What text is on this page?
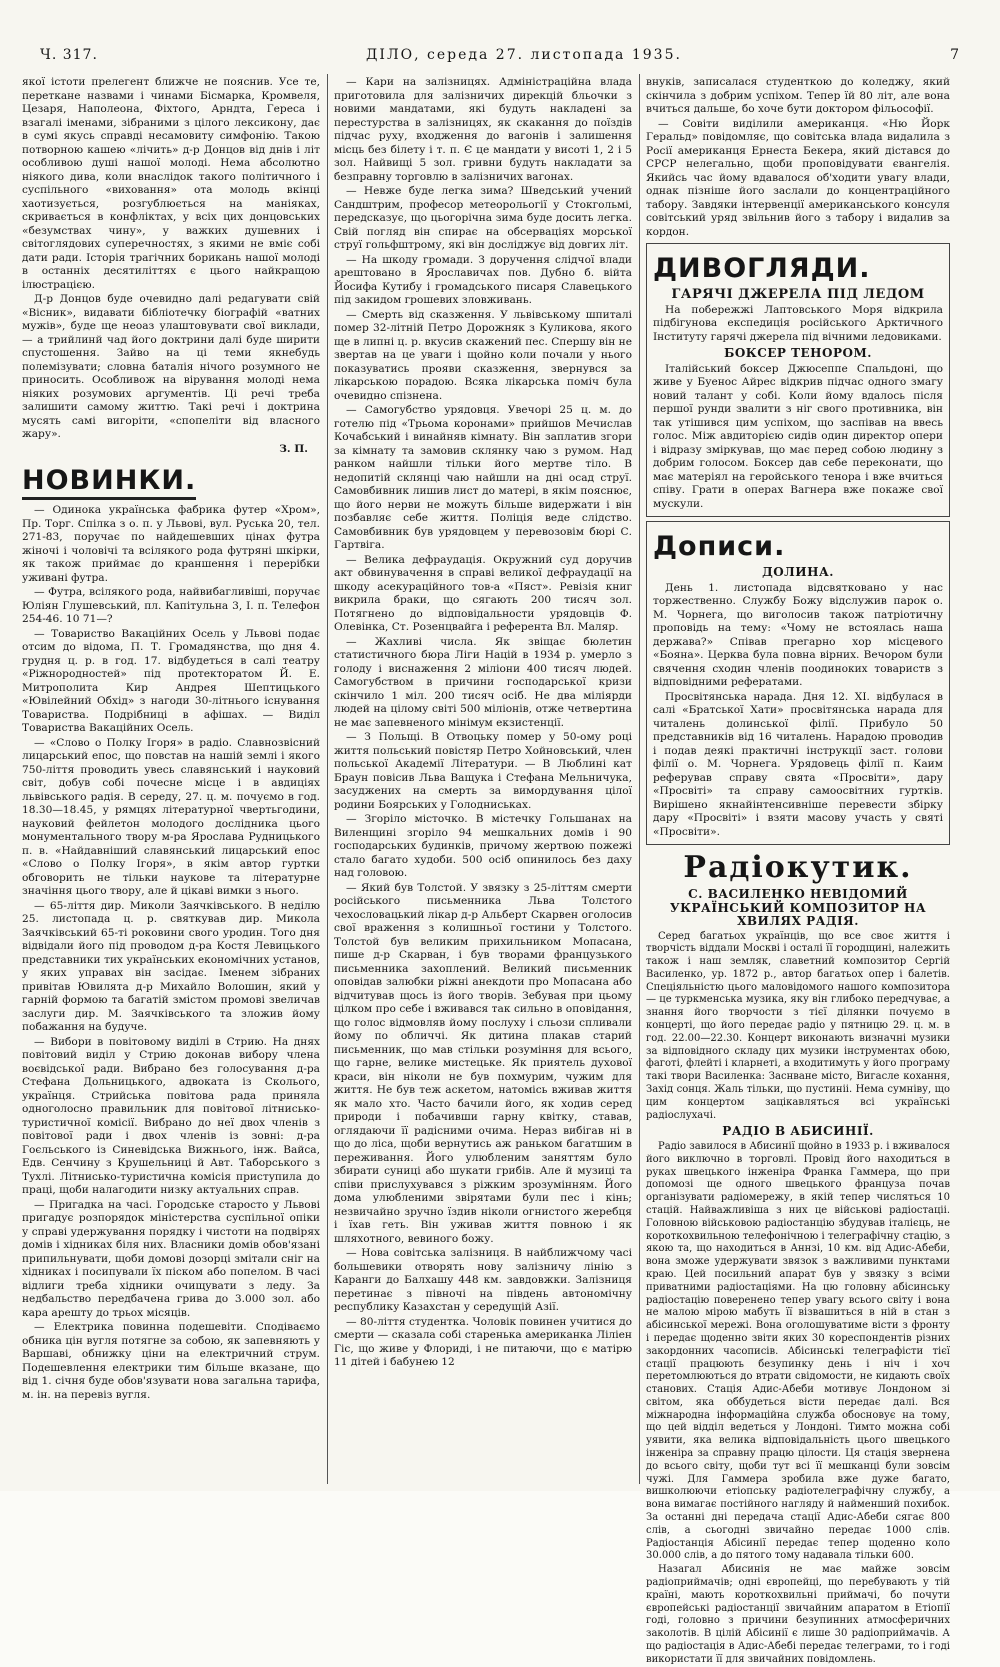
Ч. 317.	ДІЛО, середа 27. листопада 1935.	7

якої істоти прелегент ближче не пояснив. Усе те, перетканe назвами і чинами Бісмарка, Кромвеля, Цезаря, Наполеона, Фіхтого, Арндта, Гереса і взагалі іменами, зібраними з цілого лексикону, дає в сумі якусь справді несамовиту симфонію. Такою потворною кашею «лічить» д-р Донцов від днів і літ особливою душі нашої молоді. Нема абсолютно ніякого дива, коли внаслідок такого політичного і суспільного «виховання» ота молодь вкінці хаотизується, розгублюється на маніяках, скривається в конфліктах, у всіх цих донцовських «безумствах чину», у важких душевних і світоглядових суперечностях, з якими не вміє собі дати ради. Історія трагічних борикань нашої молоді в останніх десятиліттях є цього найкращою ілюстрацією.

Д-р Донцов буде очевидно далі редагувати свій «Вісник», видавати бібліотечку біографій «ватних мужів», буде ще неоаз улаштовувати свої виклади, — а трийлинй чад його доктрини далі буде ширити спустошення. Зайво на ці теми якнебудь полемізувати; словна баталія нічого розумного не приносить. Особливож на вірування молоді нема ніяких розумових аргументів. Ці речі треба залишити самому життю. Такі речі і доктрина мусять самі вигоріти, «спопеліти від власного жару».

З. П.
НОВИНКИ.

— Одинока українська фабрика футер «Хром», Пр. Торг. Спілка з о. п. у Львові, вул. Руська 20, тел. 271-83, поручає по найдешевших цінах футра жіночі і чоловічі та всілякого рода футряні шкірки, як також приймає до краншення і перерібки уживані футра.

— Футра, всілякого рода, найвибагливіші, поручає Юліян Глушевський, пл. Капітульна 3, I. п. Телефон 254-46. 10 71—?

— Товариство Вакаційних Осель у Львові подає отсим до відома, П. Т. Громадянства, що дня 4. грудня ц. р. в год. 17. відбудеться в салі театру «Ріжнородностей» під протекторатом Й. Е. Митрополита Кир Андрея Шептицького «Ювілейний Обхід» з нагоди 30-літнього існування Товариства. Подрібниці в афішах. — Виділ Товариства Вакаційних Осель.

— «Слово о Полку Ігоря» в радіо. Славнозвісний лицарський епос, що повстав на нашій землі і якого 750-ліття проводить увесь славянський і науковий світ, добув собі почесне місце і в авдиціях львівського радія. В середу, 27. ц. м. почуємо в год. 18.30—18.45, у рямцях літературної чвертьгодини, науковий фейлетон молодого дослідника цього монументального твору м-ра Ярослава Рудницького п. в. «Найдавніший славянський лицарський епос «Слово о Полку Ігоря», в якім автор гуртки обговорить не тільки наукове та літературне значіння цього твору, але й цікаві вимки з нього.

— 65-ліття дир. Миколи Заячківського. В неділю 25. листопада ц. р. святкував дир. Микола Заячківський 65-ті роковини свого уродин. Того дня відвідали його під проводом д-ра Костя Левицького представники тих українських економічних установ, у яких управах він засідає. Іменем зібраних привітав Ювилята д-р Михайло Волошин, який у гарній формою та багатій змістом промові звеличав заслуги дир. М. Заячківського та зложив йому побажання на будуче.

— Вибори в повітовому виділі в Стрию. На днях повітовий виділ у Стрию доконав вибору члена воєвідської ради. Вибрано без голосування д-ра Стефана Дольницького, адвоката із Сколього, українця. Стрийська повітова рада приняла одноголосно правильник для повітової літнисько-туристичної комісії. Вибрано до неї двох членів з повітової ради і двох членів із зовні: д-ра Гоєльського із Синевідська Вижнього, інж. Вайса, Едв. Сенчину з Крушельниці й Авт. Таборського з Тухлі. Літнисько-туристична комісія приступила до праці, щоби налагодити низку актуальних справ.

— Пригадка на часі. Городське старосто у Львові пригадує розпорядок міністерства суспільної опіки у справі удержування порядку і чистоти на подвірях домів і хідниках біля них. Власники домів обов'язані припильнувати, щоби домові дозорці змітали сніг на хідниках і посипували їх піском або попелом. В часі відлиги треба хідники очищувати з леду. За недбальство передбачена грива до 3.000 зол. або кара арешту до трьох місяців.

— Електрика повинна подешевіти. Сподіваємо обника цін вугля потягне за собою, як запевняють у Варшаві, обнижку ціни на електричний струм. Подешевлення електрики тим більше вказане, що від 1. січня буде обов'язувати нова загальна тарифа, м. ін. на перевіз вугля.

— Кари на залізницях. Адміністраційна влада приготовила для залізничих дирекцій бльочки з новими мандатами, які будуть накладені за перестурства в залізницях, як скакання до поїздів підчас руху, входження до вагонів і залишення місць без білету і т. п. Є це мандати у висоті 1, 2 і 5 зол. Найвищі 5 зол. гривни будуть накладати за безправну торговлю в залізничих вагонах.

— Невже буде легка зима? Шведський учений Сандштрим, професор метеорольогії у Стокгольмі, передсказує, що цьогорічна зима буде досить легка. Свій погляд він спирає на обсерваціях морської струї гольфштрому, які він досліджує від довгих літ.

— На шкоду громади. З доручення слідчої влади арештовано в Ярославичах пов. Дубно б. війта Йосифа Кутибу і громадського писаря Славецького під закидом грошевих зловживань.

— Смерть від сказження. У львівському шпиталі помер 32-літній Петро Дорожняк з Куликова, якого ще в липні ц. р. вкусив скажений пес. Спершу він не звертав на це уваги і щойно коли почали у нього показуватись прояви сказження, звернувся за лікарською порадою. Всяка лікарська поміч була очевидно спізнена.

— Самогубство урядовця. Увечорі 25 ц. м. до готелю під «Трьома коронами» прийшов Мечислав Кочабський і винайняв кімнату. Він заплатив згори за кімнату та замовив склянку чаю з румом. Над ранком найшли тільки його мертве тіло. В недопитій склянці чаю найшли на дні осад струї. Самовбивник лишив лист до матері, в якім пояснює, що його нерви не можуть більше видержати і він позбавляє себе життя. Поліція веде слідство. Самовбивник був урядовцем у перевозовім бюрі С. Гартвіга.

— Велика дефраудація. Окружний суд доручив акт обвинувачення в справі великої дефраудації на шкоду асекураційного тов-а «Пяст». Ревізія книг викрила браки, що сягають 200 тисяч зол. Потягнено до відповідальности урядовців Ф. Олевінка, Ст. Розенцвайга і референта Вл. Маляр.

— Жахливі числа. Як звіщає бюлетин статистичного бюра Ліги Націй в 1934 р. умерло з голоду і виснаження 2 міліони 400 тисяч людей. Самогубством в причини господарської кризи скінчило 1 міл. 200 тисяч осіб. Не два міліярди людей на цілому світі 500 міліонів, отже четвертина не має запевненого мінімум екзистенції.

— З Польщі. В Отвоцьку помер у 50-ому році життя польський повістяр Петро Хойновський, член польської Академії Літератури. — В Люблині кат Браун повісив Льва Ващука і Стефана Мельничука, засуджених на смерть за вимордування цілої родини Боярських у Голодниськах.

— Згоріло місточко. В містечку Гольшанах на Виленщині згоріло 94 мешкальних домів і 90 господарських будинків, причому жертвою пожежі стало багато худоби. 500 осіб опинилось без даху над головою.

— Який був Толстой. У звязку з 25-літтям смерти російського письменника Льва Толстого чехословацький лікар д-р Альберт Скарвен оголосив свої враження з колишньої гостини у Толстого. Толстой був великим прихильником Мопасана, пише д-р Скарван, і був творами французького письменника захоплений. Великий письменник оповідав залюбки ріжні анекдоти про Мопасана або відчитував щось із його творів. Зебувая при цьому цілком про себе і вживався так сильно в оповідання, що голос відмовляв йому послуху і сльози спливали йому по обличчі. Як дитина плакав старий письменник, що мав стільки розуміння для всього, що гарне, велике мистецьке. Як приятель духової краси, він ніколи не був похмурим, чужим для життя. Не був теж аскетом, натомісь вживав життя як мало хто. Часто бачили його, як ходив серед природи і побачивши гарну квітку, ставав, оглядаючи її радісними очима. Нераз вибігав ні в що до ліса, щоби вернутись аж раньком багатшим в переживання. Його улюбленим заняттям було збирати суниці або шукати грибів. Але й музиці та співи прислухувався з ріжким зрозумінням. Його дома улюбленими звірятами були пес і кінь; незвичайно зручно їздив ніколи огнистого жеребця і їхав геть. Він уживав життя повною і як шляхотного, вевиного божу.

— Нова совітська залізниця. В найближчому часі большевики отворять нову залізничу лінію з Каранги до Балхашу 448 км. завдовжки. Залізниця перетинає з півночі на південь автономічну республику Казахстан у середущій Азії.

— 80-ліття студентка. Чоловік повинен учитися до смерти — сказала собі старенька американка Ліліен Гіс, що живе у Флориді, і не питаючи, що є матірю 11 дітей і бабунею 12

внуків, записалася студенткою до коледжу, який скінчила з добрим успіхом. Тепер їй 80 літ, але вона вчиться дальше, бо хоче бути доктором фільософії.

— Совіти виділили американця. «Ню Йорк Геральд» повідомляє, що совітська влада видалила з Росії американця Ернеста Бекера, який дістався до СРСР нелегально, щоби проповідувати євангелія. Якийсь час йому вдавалося об'ходити увагу влади, однак пізніше його заслали до концентраційного табору. Завдяки інтервенції американського консуля совітський уряд звільнив його з табору і видалив за кордон.

ДИВОГЛЯДИ.
ГАРЯЧІ ДЖЕРЕЛА ПІД ЛЕДОМ

На побережжі Лаптовського Моря відкрила підбігунова експедиція російського Арктичного Інституту гарячі джерела під вічними ледовиками.

БОКСЕР ТЕНОРОМ.

Італійський боксер Джюсеппе Спальдоні, що живе у Буенос Айрес відкрив підчас одного змагу новий талант у собі. Коли йому вдалось після першої рунди звалити з ніг свого противника, він так утішився цим успіхом, що заспівав на ввесь голос. Між авдиторією сидів один директор опери і відразу зміркував, що має перед собою людину з добрим голосом. Боксер дав себе переконати, що має матеріял на геройського тенора і вже вчиться співу. Грати в операх Вагнера вже покаже свої мускули.

Дописи.
ДОЛИНА.

День 1. листопада відсвятковано у нас торжественно. Службу Божу відслужив парок о. М. Чорнега, що виголосив також патріотичну проповідь на тему: «Чому не встоялась наша держава?» Співав прегарно хор місцевого «Бояна». Церква була повна вірних. Вечором були свячення сходин членів поодиноких товариств з відповідними рефератами.

Просвітянська нарада. Дня 12. XI. відбулася в салі «Братської Хати» просвітянська нарада для читалень долинської філії. Прибуло 50 представників від 16 читалень. Нарадою проводив і подав деякі практичні інструкції заст. голови філії о. М. Чорнега. Урядовець філії п. Каим реферував справу свята «Просвіти», дару «Просвіті» та справу самоосвітних гуртків. Вирішено якнайінтенсивніше перевести збірку дару «Просвіті» і взяти масову участь у святі «Просвіти».

Радіокутик.
С. ВАСИЛЕНКО НЕВІДОМИЙ УКРАЇНСЬКИЙ КОМПОЗИТОР НА ХВИЛЯХ РАДІЯ.

Серед багатьох українців, що все своє життя і творчість віддали Москві і осталі її городщині, належить також і наш земляк, славетний композитор Сергій Василенко, ур. 1872 р., автор багатьох опер і балетів. Спеціяльністю цього маловідомого нашого композитора — це туркменська музика, яку він глибоко передчуває, а знання його творчости з тієї ділянки почуємо в концерті, що його передає радіо у пятницю 29. ц. м. в год. 22.00—22.30. Концерт виконають визначні музики за відповідного складу цих музики інструментах обою, фаготі, флейті і кларнеті, а входитимуть у його програму такі твори Василенка: Заснване місто, Вигасле кохання, Захід сонця. Жаль тільки, що пустиніі. Нема сумніву, що цим концертом зацікавляться всі українські радіослухачі.

РАДІО В АБИСИНІЇ.

Радіо завилося в Абисинії щойно в 1933 р. і вживалося його виключно в торговлі. Провід його находиться в руках швецького інженіра Франка Гаммера, що при допомозі ще одного швецького француза почав організувати радіомережу, в якій тепер числяться 10 стацій. Найважливіша з них це військові радіостаціі. Головною військовою радіостанцію збудував італієць, не короткохвильною телефонічною і телеграфічну стацію, з якою та, що находиться в Аннзі, 10 км. від Адис-Абеби, вона зможе удержувати звязок з важливими пунктами краю. Цей посильний апарат був у звязку з всіми приватними радіостаціями. На цю головну абісинську радіостацію поверенено тепер увагу всього світу і вона не малою мірою мабуть її візвашиться в ній в стан з абісинської мережі. Вона оголошуватиме вісти з фронту і передає щоденно звіти яких 30 кореспондентів різних закордонних часописів. Абісинські телеграфісти тієї стації працюють безупинку день і ніч і хоч перетомлюються до втрати свідомости, не кидають своїх станових. Стація Адис-Абеби мотивує Лондоном зі світом, яка оббудеться вісти передає далі. Вся міжнародна інформаційна служба обосновує на тому, що цей відділ ведеться у Лондоні. Тимто можна собі уявити, яка велика відповідальність цього швецького інженіра за справну працю цілости. Ця стація звернена до всього світу, щоби тут всі її мешканці були зовсім чужі. Для Гаммера зробила вже дуже багато, вишколюючи етіопську радіотелеграфічну службу, а вона вимагає постійного нагляду й найменший похибок. За останні дні передача стації Адис-Абеби сягає 800 слів, а сьогодні звичайно передає 1000 слів. Радіостанція Абісинії передає тепер щоденно коло 30.000 слів, а до пятого тому надавала тільки 600.

Назагал Абисинія не має майже зовсім радіоприймачів; одні європейці, що перебувають у тій країні, мають короткохвильні приймачі, бо почути європейські радіостанції звичайним апаратом в Етіопії годі, головно з причини безупинних атмосферичних заколотів. В цілій Абісинії є лише 30 радіоприймачів. А що радіостація в Адис-Абебі передає телеграми, то і годі використати її для звичайних повідомлень.
